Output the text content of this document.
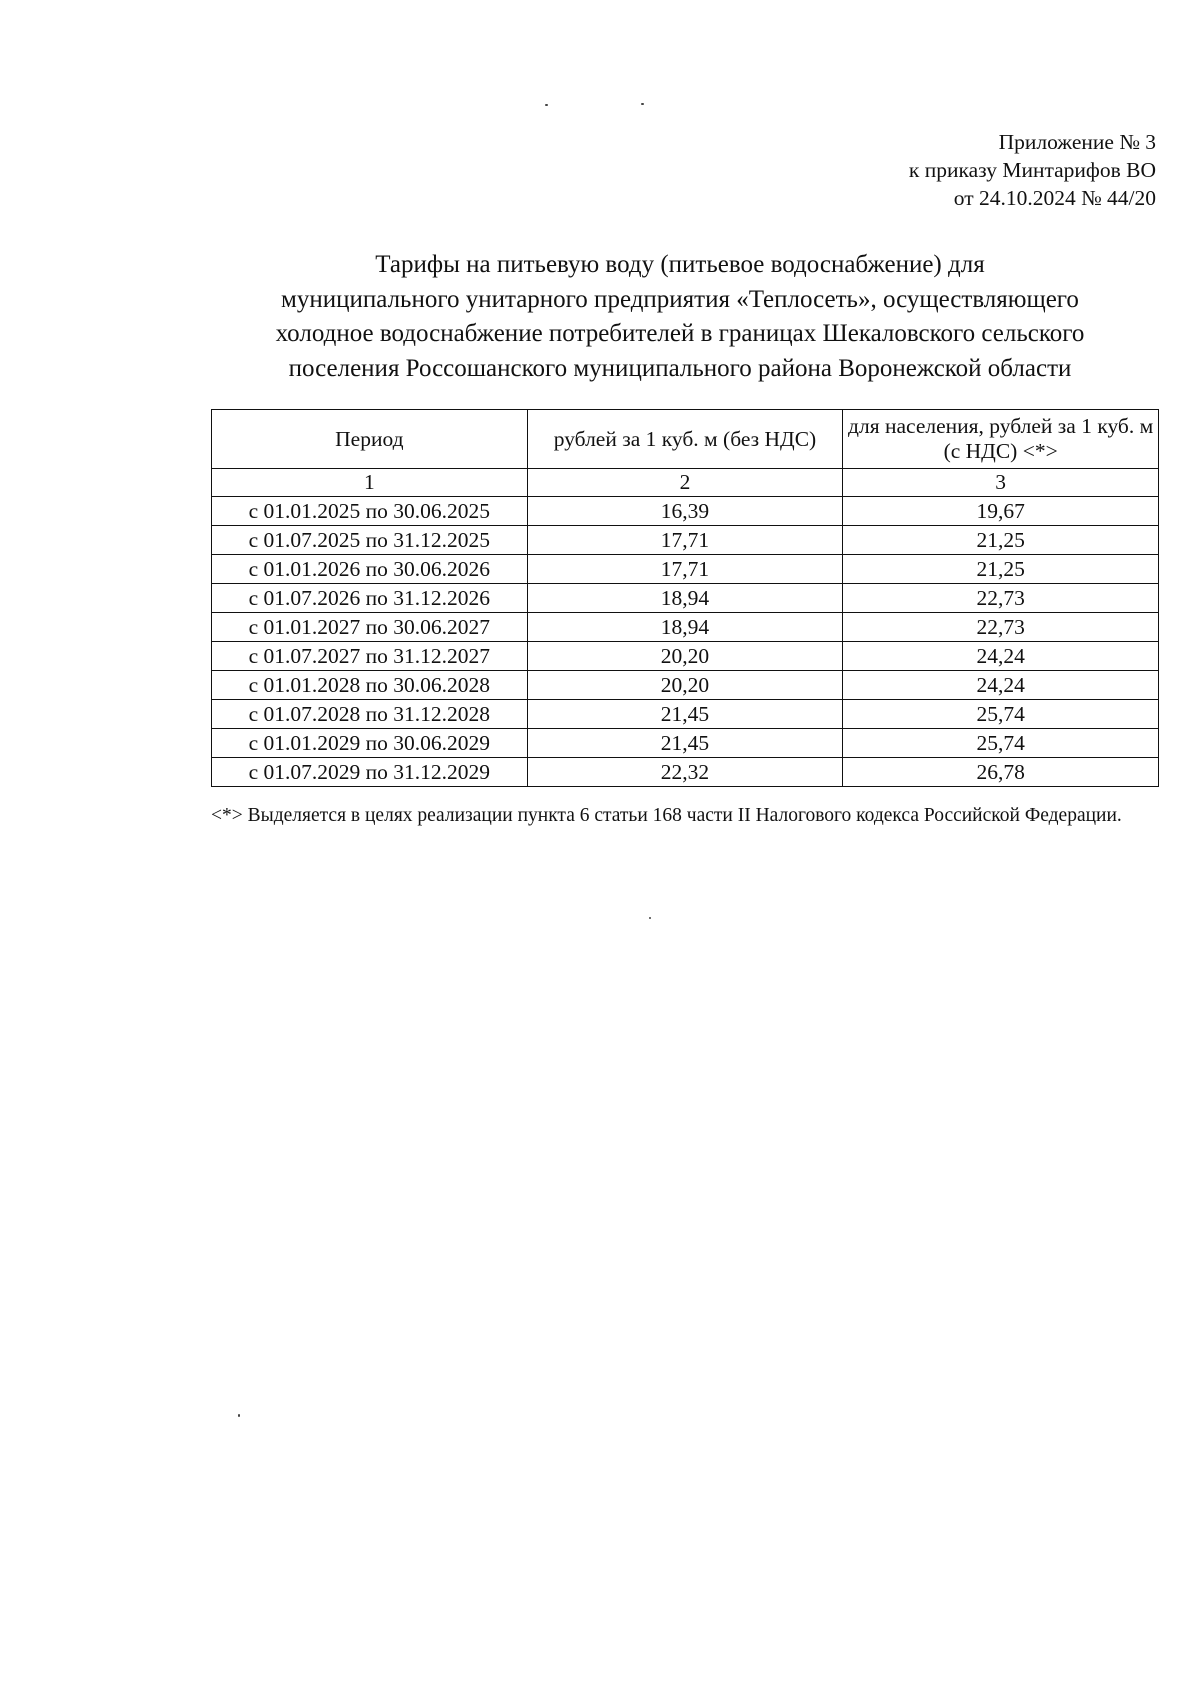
Приложение № 3
к приказу Минтарифов ВО
от 24.10.2024 № 44/20
Тарифы на питьевую воду (питьевое водоснабжение) для
муниципального унитарного предприятия «Теплосеть», осуществляющего
холодное водоснабжение потребителей в границах Шекаловского сельского
поселения Россошанского муниципального района Воронежской области
Период	рублей за 1 куб. м (без НДС)	для населения, рублей за 1 куб. м (с НДС) <*>
1	2	3
с 01.01.2025 по 30.06.2025	16,39	19,67
с 01.07.2025 по 31.12.2025	17,71	21,25
с 01.01.2026 по 30.06.2026	17,71	21,25
с 01.07.2026 по 31.12.2026	18,94	22,73
с 01.01.2027 по 30.06.2027	18,94	22,73
с 01.07.2027 по 31.12.2027	20,20	24,24
с 01.01.2028 по 30.06.2028	20,20	24,24
с 01.07.2028 по 31.12.2028	21,45	25,74
с 01.01.2029 по 30.06.2029	21,45	25,74
с 01.07.2029 по 31.12.2029	22,32	26,78
<*> Выделяется в целях реализации пункта 6 статьи 168 части II Налогового кодекса Российской Федерации.
